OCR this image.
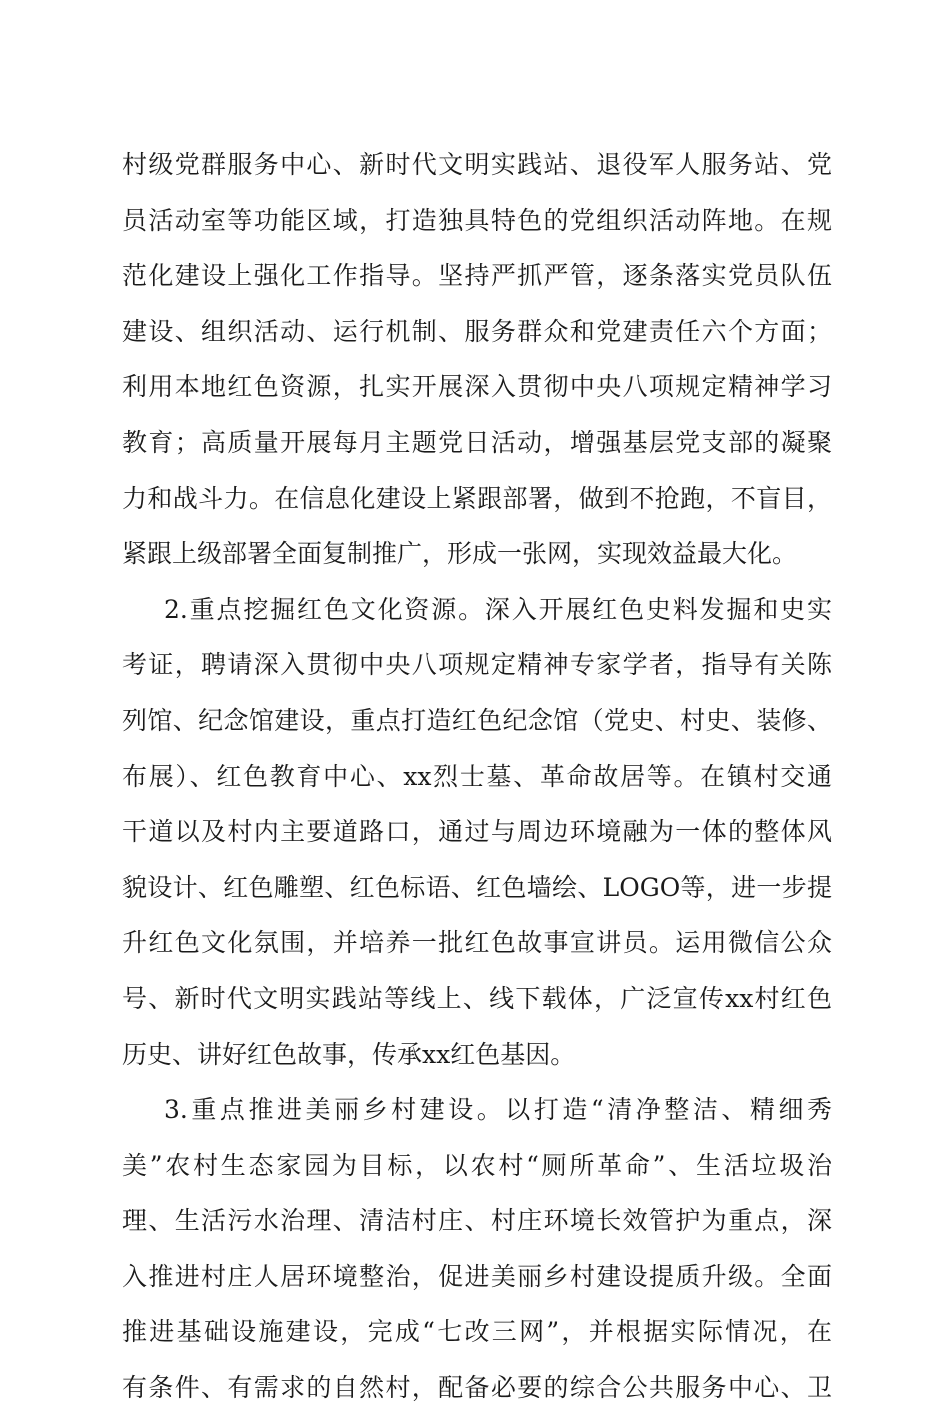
村级党群服务中心、新时代文明实践站、退役军人服务站、党
员活动室等功能区域，打造独具特色的党组织活动阵地。在规
范化建设上强化工作指导。坚持严抓严管，逐条落实党员队伍
建设、组织活动、运行机制、服务群众和党建责任六个方面；
利用本地红色资源，扎实开展深入贯彻中央八项规定精神学习
教育；高质量开展每月主题党日活动，增强基层党支部的凝聚
力和战斗力。在信息化建设上紧跟部署，做到不抢跑，不盲目，
紧跟上级部署全面复制推广，形成一张网，实现效益最大化。
2.重点挖掘红色文化资源。深入开展红色史料发掘和史实
考证，聘请深入贯彻中央八项规定精神专家学者，指导有关陈
列馆、纪念馆建设，重点打造红色纪念馆（党史、村史、装修、
布展）、红色教育中心、xx烈士墓、革命故居等。在镇村交通
干道以及村内主要道路口，通过与周边环境融为一体的整体风
貌设计、红色雕塑、红色标语、红色墙绘、LOGO等，进一步提
升红色文化氛围，并培养一批红色故事宣讲员。运用微信公众
号、新时代文明实践站等线上、线下载体，广泛宣传xx村红色
历史、讲好红色故事，传承xx红色基因。
3.重点推进美丽乡村建设。以打造“清净整洁、精细秀
美”农村生态家园为目标，以农村“厕所革命”、生活垃圾治
理、生活污水治理、清洁村庄、村庄环境长效管护为重点，深
入推进村庄人居环境整治，促进美丽乡村建设提质升级。全面
推进基础设施建设，完成“七改三网”，并根据实际情况，在
有条件、有需求的自然村，配备必要的综合公共服务中心、卫
